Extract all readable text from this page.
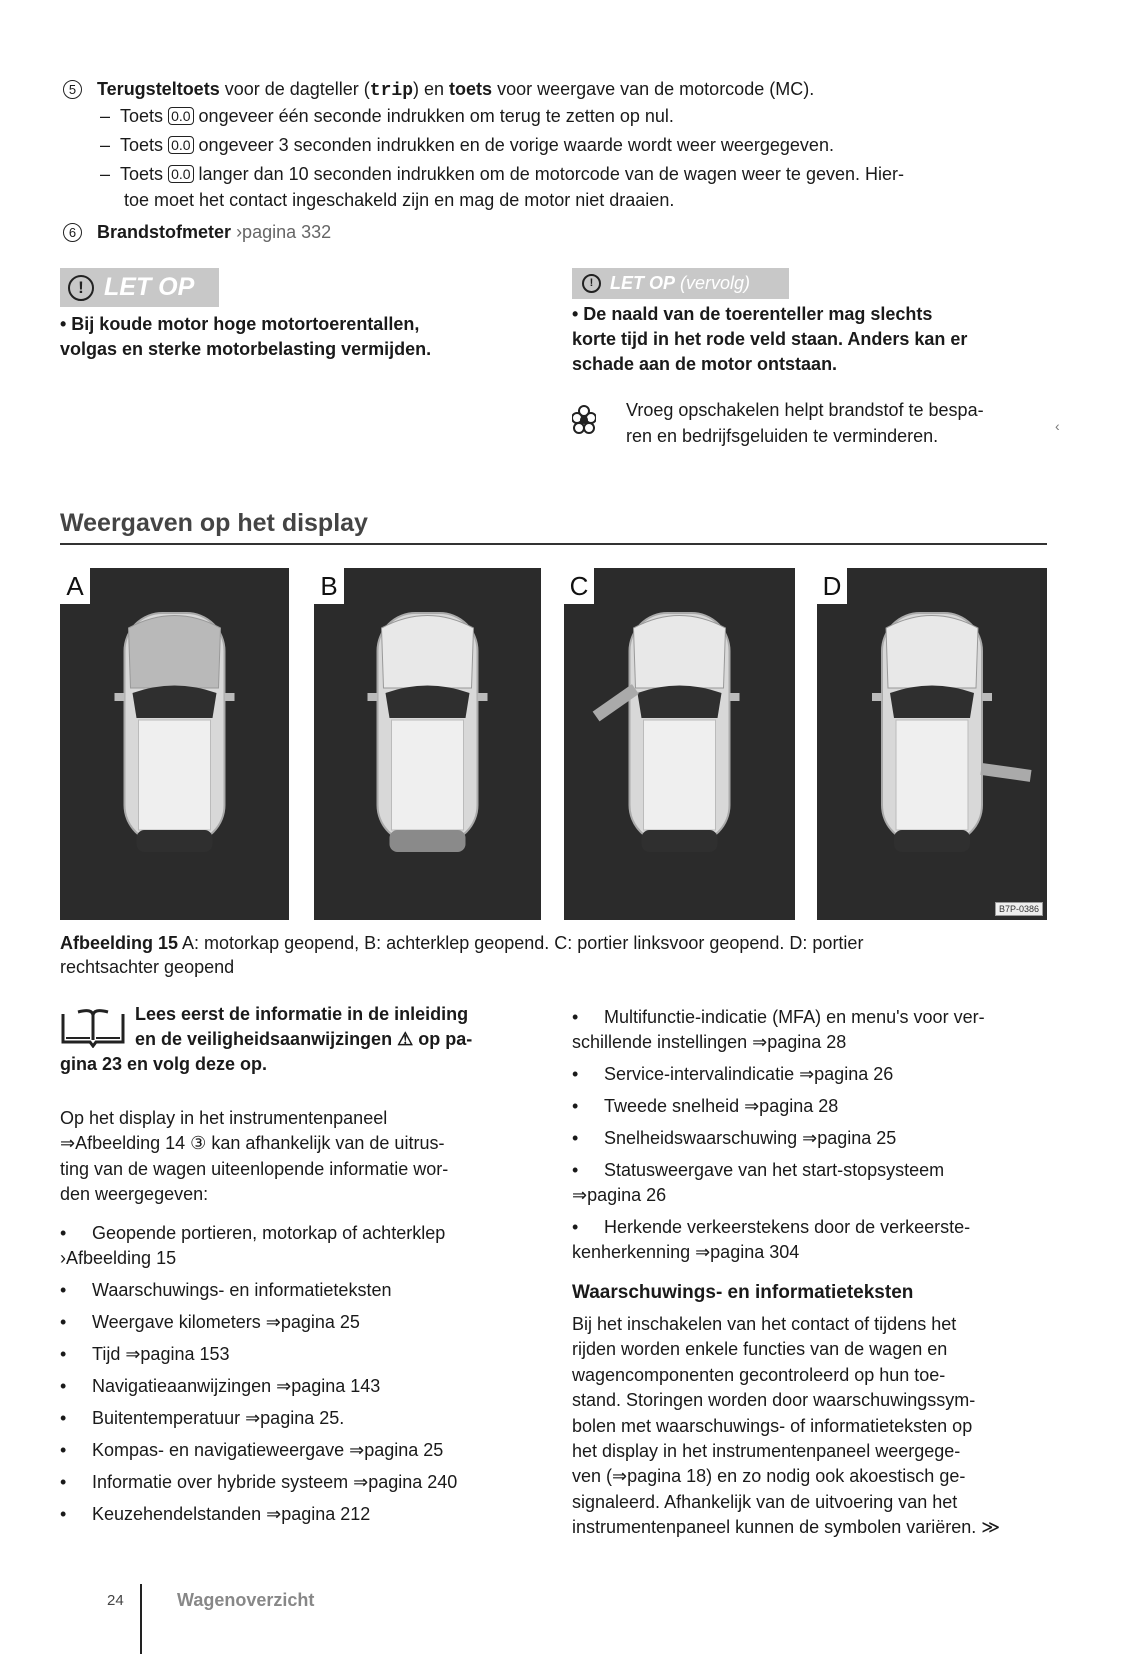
5 Terugsteltoets voor de dagteller (trip) en toets voor weergave van de motorcode (MC).
–  Toets 0.0 ongeveer één seconde indrukken om terug te zetten op nul.
–  Toets 0.0 ongeveer 3 seconden indrukken en de vorige waarde wordt weer weergegeven.
–  Toets 0.0 langer dan 10 seconden indrukken om de motorcode van de wagen weer te geven. Hier-
toe moet het contact ingeschakeld zijn en mag de motor niet draaien.
6 Brandstofmeter ›pagina 332
! LET OP
• Bij koude motor hoge motortoerentallen,
volgas en sterke motorbelasting vermijden.
! LET OP
(vervolg)
• De naald van de toerenteller mag slechts
korte tijd in het rode veld staan. Anders kan er
schade aan de motor ontstaan.
Vroeg opschakelen helpt brandstof te bespa-
ren en bedrijfsgeluiden te verminderen.	‹
Weergaven op het display
A	B	C	D
B7P-0386
Afbeelding 15 A: motorkap geopend, B: achterklep geopend. C: portier linksvoor geopend. D: portier
rechtsachter geopend
Lees eerst de informatie in de inleiding
en de veiligheidsaanwijzingen ⚠ op pa-
gina 23 en volg deze op.
Op het display in het instrumentenpaneel
⇒Afbeelding 14 ③ kan afhankelijk van de uitrus-
ting van de wagen uiteenlopende informatie wor-
den weergegeven:
• Geopende portieren, motorkap of achterklep
›Afbeelding 15
• Waarschuwings- en informatieteksten
• Weergave kilometers ⇒pagina 25
• Tijd ⇒pagina 153
• Navigatieaanwijzingen ⇒pagina 143
• Buitentemperatuur ⇒pagina 25.
• Kompas- en navigatieweergave ⇒pagina 25
• Informatie over hybride systeem ⇒pagina 240
• Keuzehendelstanden ⇒pagina 212
• Multifunctie-indicatie (MFA) en menu's voor ver-
schillende instellingen ⇒pagina 28
• Service-intervalindicatie ⇒pagina 26
• Tweede snelheid ⇒pagina 28
• Snelheidswaarschuwing ⇒pagina 25
• Statusweergave van het start-stopsysteem
⇒pagina 26
• Herkende verkeerstekens door de verkeerste-
kenherkenning ⇒pagina 304
Waarschuwings- en informatieteksten
Bij het inschakelen van het contact of tijdens het
rijden worden enkele functies van de wagen en
wagencomponenten gecontroleerd op hun toe-
stand. Storingen worden door waarschuwingssym-
bolen met waarschuwings- of informatieteksten op
het display in het instrumentenpaneel weergege-
ven (⇒pagina 18) en zo nodig ook akoestisch ge-
signaleerd. Afhankelijk van de uitvoering van het
instrumentenpaneel kunnen de symbolen variëren. ≫
24	Wagenoverzicht
